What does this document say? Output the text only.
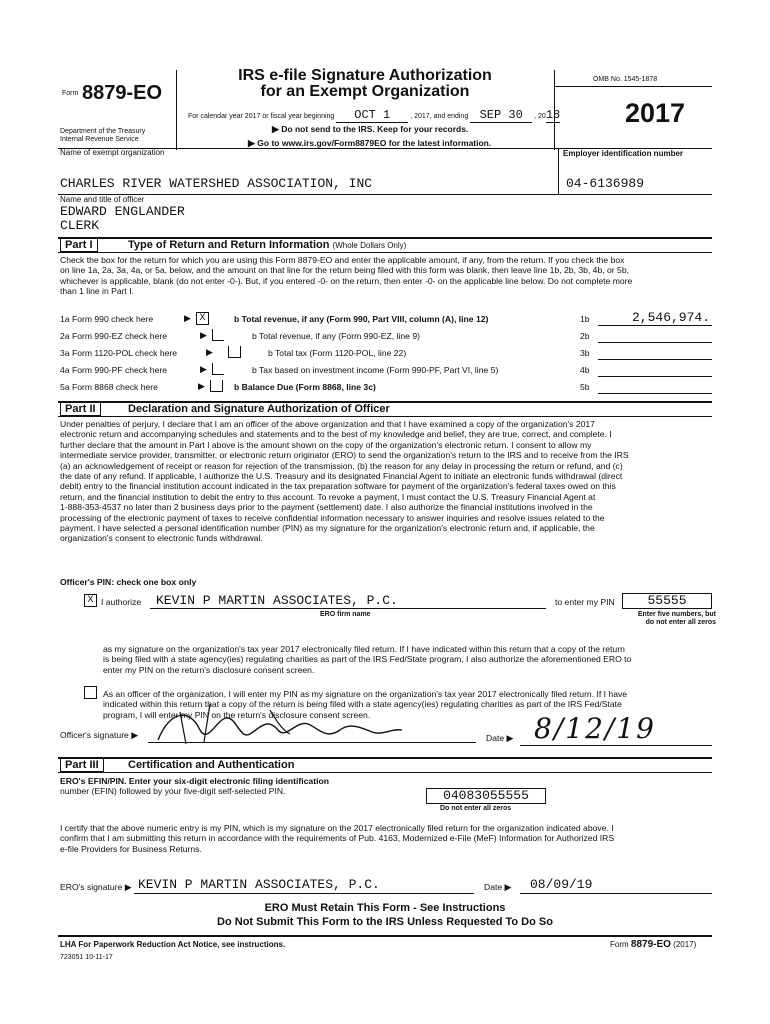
Form 8879-EO
Department of the Treasury
Internal Revenue Service
IRS e-file Signature Authorization
for an Exempt Organization
For calendar year 2017 or fiscal year beginning OCT 1	, 2017, and ending SEP 30 , 2018
▶ Do not send to the IRS. Keep for your records.
▶ Go to www.irs.gov/Form8879EO for the latest information.
OMB No. 1545-1878
2017
Name of exempt organization	Employer identification number
CHARLES RIVER WATERSHED ASSOCIATION, INC	04-6136989
Name and title of officer
EDWARD ENGLANDER
CLERK
Part I	Type of Return and Return Information (Whole Dollars Only)
Check the box for the return for which you are using this Form 8879-EO and enter the applicable amount, if any, from the return. If you check the box
on line 1a, 2a, 3a, 4a, or 5a, below, and the amount on that line for the return being filed with this form was blank, then leave line 1b, 2b, 3b, 4b, or 5b,
whichever is applicable, blank (do not enter -0-). But, if you entered -0- on the return, then enter -0- on the applicable line below. Do not complete more
than 1 line in Part I.
1a Form 990 check here	▶ X	b Total revenue, if any (Form 990, Part VIII, column (A), line 12)	1b	2,546,974.
2a Form 990-EZ check here	▶	b Total revenue, if any (Form 990-EZ, line 9)	2b
3a Form 1120-POL check here	▶	b Total tax (Form 1120-POL, line 22)	3b
4a Form 990-PF check here	▶	b Tax based on investment income (Form 990-PF, Part VI, line 5)	4b
5a Form 8868 check here	▶	b Balance Due (Form 8868, line 3c)	5b
Part II	Declaration and Signature Authorization of Officer
Under penalties of perjury, I declare that I am an officer of the above organization and that I have examined a copy of the organization's 2017
electronic return and accompanying schedules and statements and to the best of my knowledge and belief, they are true, correct, and complete. I
further declare that the amount in Part I above is the amount shown on the copy of the organization's electronic return. I consent to allow my
intermediate service provider, transmitter, or electronic return originator (ERO) to send the organization's return to the IRS and to receive from the IRS
(a) an acknowledgement of receipt or reason for rejection of the transmission, (b) the reason for any delay in processing the return or refund, and (c)
the date of any refund. If applicable, I authorize the U.S. Treasury and its designated Financial Agent to initiate an electronic funds withdrawal (direct
debit) entry to the financial institution account indicated in the tax preparation software for payment of the organization's federal taxes owed on this
return, and the financial institution to debit the entry to this account. To revoke a payment, I must contact the U.S. Treasury Financial Agent at
1-888-353-4537 no later than 2 business days prior to the payment (settlement) date. I also authorize the financial institutions involved in the
processing of the electronic payment of taxes to receive confidential information necessary to answer inquiries and resolve issues related to the
payment. I have selected a personal identification number (PIN) as my signature for the organization's electronic return and, if applicable, the
organization's consent to electronic funds withdrawal.
Officer's PIN: check one box only
X I authorize KEVIN P MARTIN ASSOCIATES, P.C.
ERO firm name
to enter my PIN	55555
Enter five numbers, but
do not enter all zeros
as my signature on the organization's tax year 2017 electronically filed return. If I have indicated within this return that a copy of the return
is being filed with a state agency(ies) regulating charities as part of the IRS Fed/State program, I also authorize the aforementioned ERO to
enter my PIN on the return's disclosure consent screen.
As an officer of the organization, I will enter my PIN as my signature on the organization's tax year 2017 electronically filed return. If I have
indicated within this return that a copy of the return is being filed with a state agency(ies) regulating charities as part of the IRS Fed/State
program, I will enter my PIN on the return's disclosure consent screen.
Officer's signature ▶	Date ▶ 8/12/19
Part III	Certification and Authentication
ERO's EFIN/PIN. Enter your six-digit electronic filing identification
number (EFIN) followed by your five-digit self-selected PIN.	04083055555
Do not enter all zeros
I certify that the above numeric entry is my PIN, which is my signature on the 2017 electronically filed return for the organization indicated above. I
confirm that I am submitting this return in accordance with the requirements of Pub. 4163, Modernized e-File (MeF) Information for Authorized IRS
e-file Providers for Business Returns.
ERO's signature ▶ KEVIN P MARTIN ASSOCIATES, P.C.	Date ▶ 08/09/19
ERO Must Retain This Form - See Instructions
Do Not Submit This Form to the IRS Unless Requested To Do So
LHA For Paperwork Reduction Act Notice, see instructions.	Form 8879-EO (2017)
723051 10-11-17
